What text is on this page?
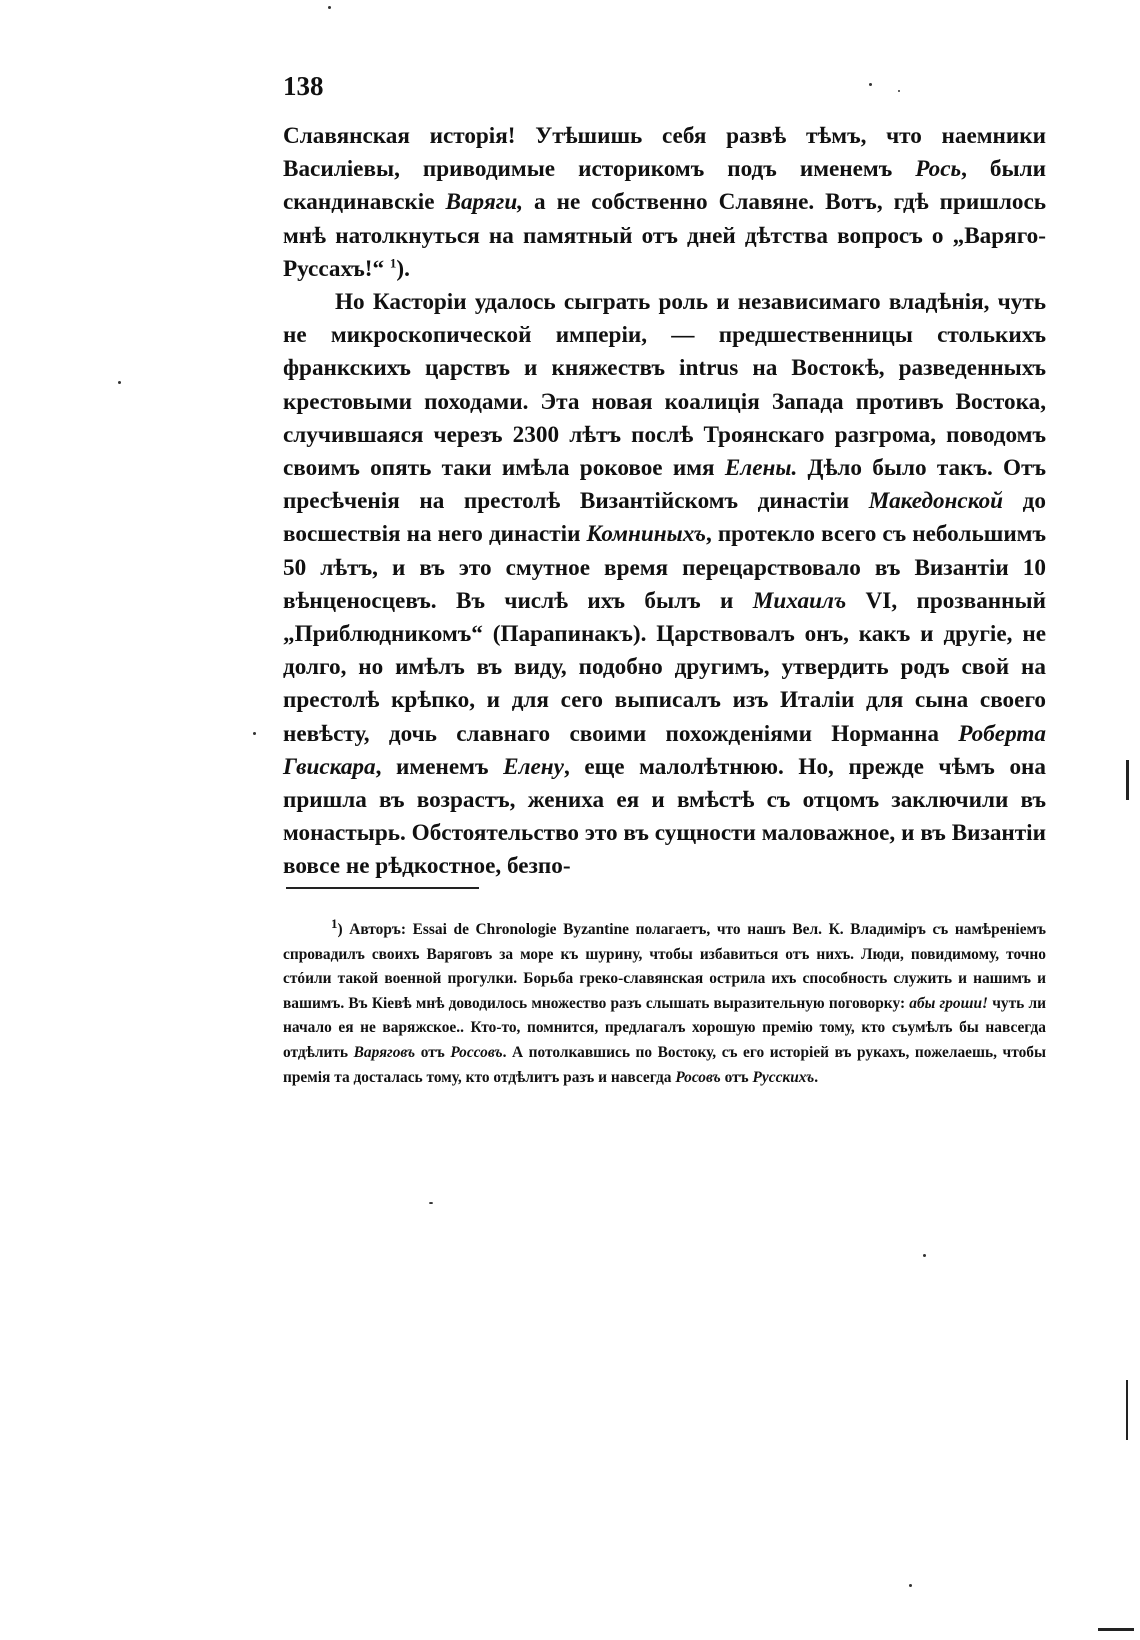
138

Славянская исторія! Утѣшишь себя развѣ тѣмъ, что наемники Василіевы, приводимые историкомъ подъ именемъ Рось, были скандинавскіе Варяги, а не собственно Славяне. Вотъ, гдѣ пришлось мнѣ натолкнуться на памятный отъ дней дѣтства вопросъ о „Варяго-Руссахъ!“ $^1$).

Но Касторіи удалось сыграть роль и независимаго владѣнія, чуть не микроскопической имперіи, — предшественницы столькихъ франкскихъ царствъ и княжествъ intrus на Востокѣ, разведенныхъ крестовыми походами. Эта новая коалиція Запада противъ Востока, случившаяся черезъ 2300 лѣтъ послѣ Троянскаго разгрома, поводомъ своимъ опять таки имѣла роковое имя Елены. Дѣло было такъ. Отъ пресѣченія на престолѣ Византійскомъ династіи Македонской до восшествія на него династіи Комниныхъ, протекло всего съ небольшимъ 50 лѣтъ, и въ это смутное время перецарствовало въ Византіи 10 вѣнценосцевъ. Въ числѣ ихъ былъ и Михаилъ VI, прозванный „Приблюдникомъ“ (Парапинакъ). Царствовалъ онъ, какъ и другіе, не долго, но имѣлъ въ виду, подобно другимъ, утвердить родъ свой на престолѣ крѣпко, и для сего выписалъ изъ Италіи для сына своего невѣсту, дочь славнаго своими похожденіями Норманна Роберта Гвискара, именемъ Елену, еще малолѣтнюю. Но, прежде чѣмъ она пришла въ возрастъ, жениха ея и вмѣстѣ съ отцомъ заключили въ монастырь. Обстоятельство это въ сущности маловажное, и въ Византіи вовсе не рѣдкостное, безпо-

$^1$) Авторъ: Essai de Chronologie Byzantine полагаетъ, что нашъ Вел. К. Владиміръ съ намѣреніемъ спровадилъ своихъ Варяговъ за море къ шурину, чтобы избавиться отъ нихъ. Люди, повидимому, точно стóили такой военной прогулки. Борьба греко-славянская острила ихъ способность служить и нашимъ и вашимъ. Въ Кіевѣ мнѣ доводилось множество разъ слышать выразительную поговорку: абы гроши! чуть ли начало ея не варяжское.. Кто-то, помнится, предлагалъ хорошую премію тому, кто съумѣлъ бы навсегда отдѣлить Варяговъ отъ Россовъ. А потолкавшись по Востоку, съ его исторіей въ рукахъ, пожелаешь, чтобы премія та досталась тому, кто отдѣлитъ разъ и навсегда Росовъ отъ Русскихъ.
